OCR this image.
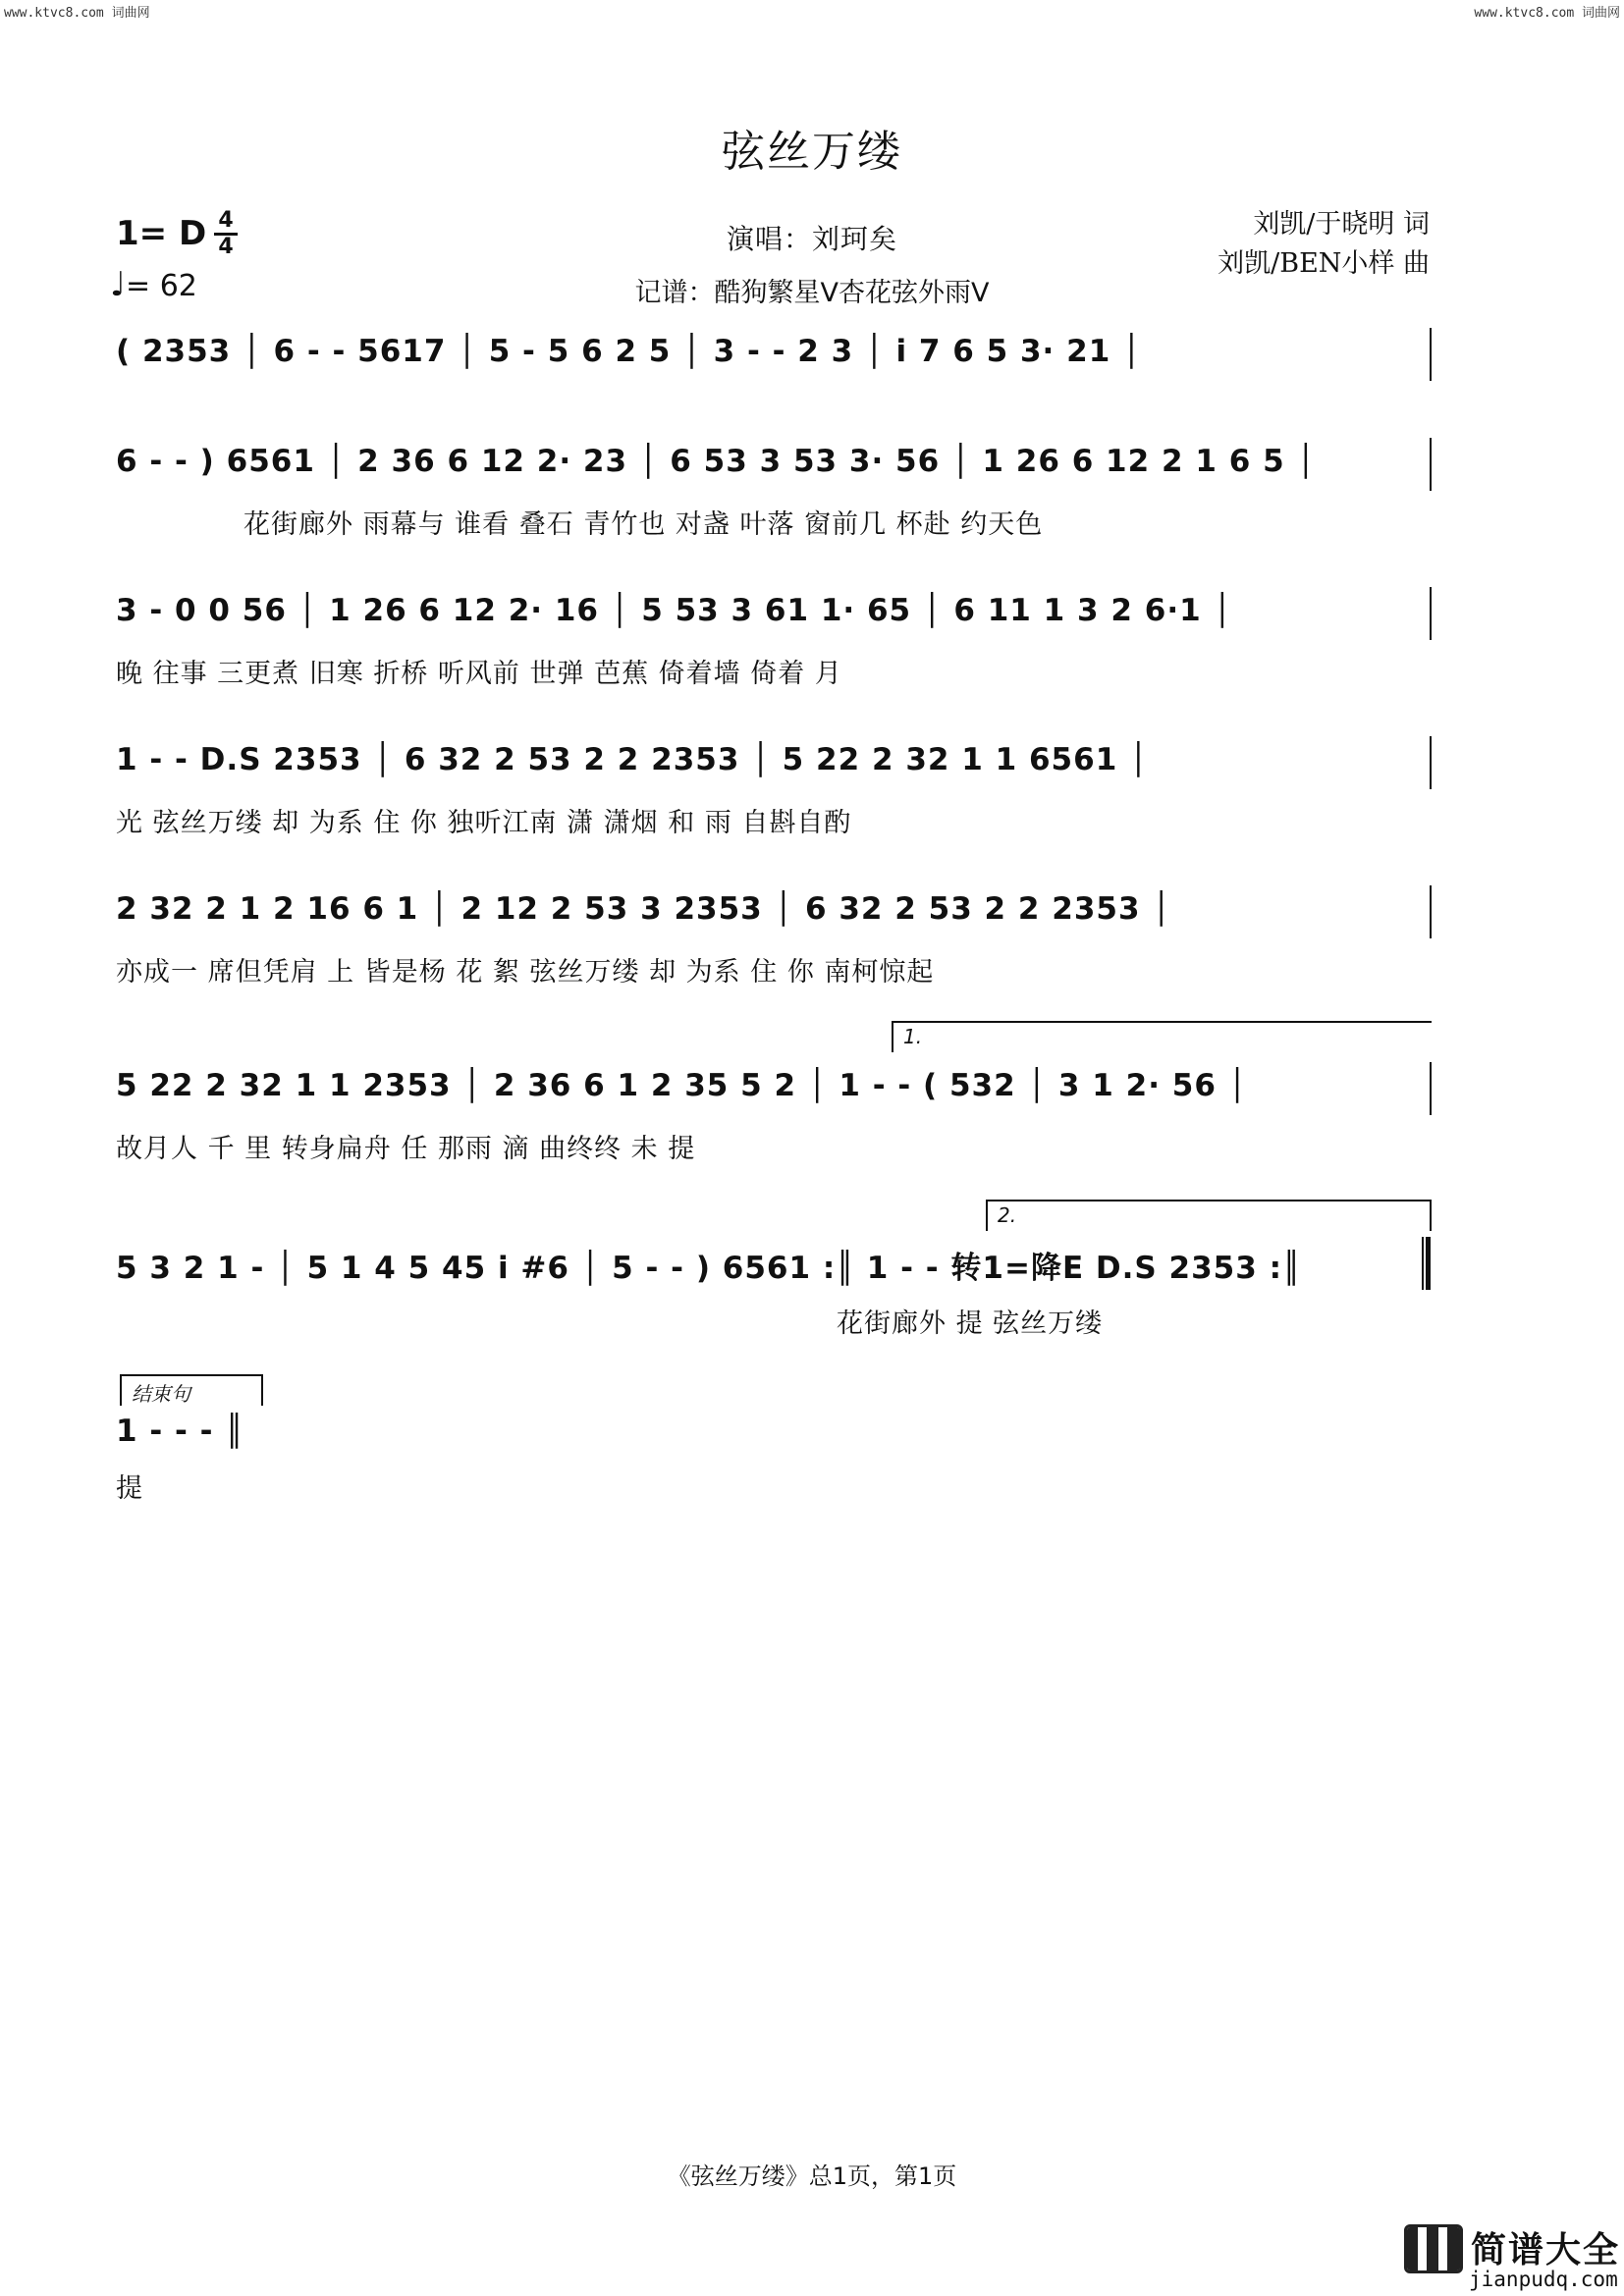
www.ktvc8.com 词曲网	www.ktvc8.com 词曲网
弦丝万缕
1= D 4
4
♩= 62
演唱：刘珂矣
记谱：酷狗繁星V杏花弦外雨V
刘凯/于晓明 词
刘凯/BEN小样 曲
( 2353 │ 6 - - 5617 │ 5 - 5 6 2 5 │ 3 - - 2 3 │ i 7 6 5 3· 21 │
6 - - ) 6561 │ 2 36 6 12 2· 23 │ 6 53 3 53 3· 56 │ 1 26 6 12 2 1 6 5 │
花街廊外 雨幕与 谁看 叠石 青竹也 对盏 叶落 窗前几 杯赴 约天色
3 - 0 0 56 │ 1 26 6 12 2· 16 │ 5 53 3 61 1· 65 │ 6 11 1 3 2 6·1 │
晚 往事 三更煮 旧寒 折桥 听风前 世弹 芭蕉 倚着墙 倚着 月
1 - - D.S 2353 │ 6 32 2 53 2 2 2353 │ 5 22 2 32 1 1 6561 │
光 弦丝万缕 却 为系 住 你 独听江南 潇 潇烟 和 雨 自斟自酌
2 32 2 1 2 16 6 1 │ 2 12 2 53 3 2353 │ 6 32 2 53 2 2 2353 │
亦成一 席但凭肩 上 皆是杨 花 絮 弦丝万缕 却 为系 住 你 南柯惊起
1.
5 22 2 32 1 1 2353 │ 2 36 6 1 2 35 5 2 │ 1 - - ( 532 │ 3 1 2· 56 │
故月人 千 里 转身扁舟 任 那雨 滴 曲终终 未 提
2.
5 3 2 1 - │ 5 1 4 5 45 i #6 │ 5 - - ) 6561 :║ 1 - - 转1=降E D.S 2353 :║
花街廊外 提 弦丝万缕
结束句
1 - - - ║
提
《弦丝万缕》总1页，第1页
简谱大全
jianpudq.com
